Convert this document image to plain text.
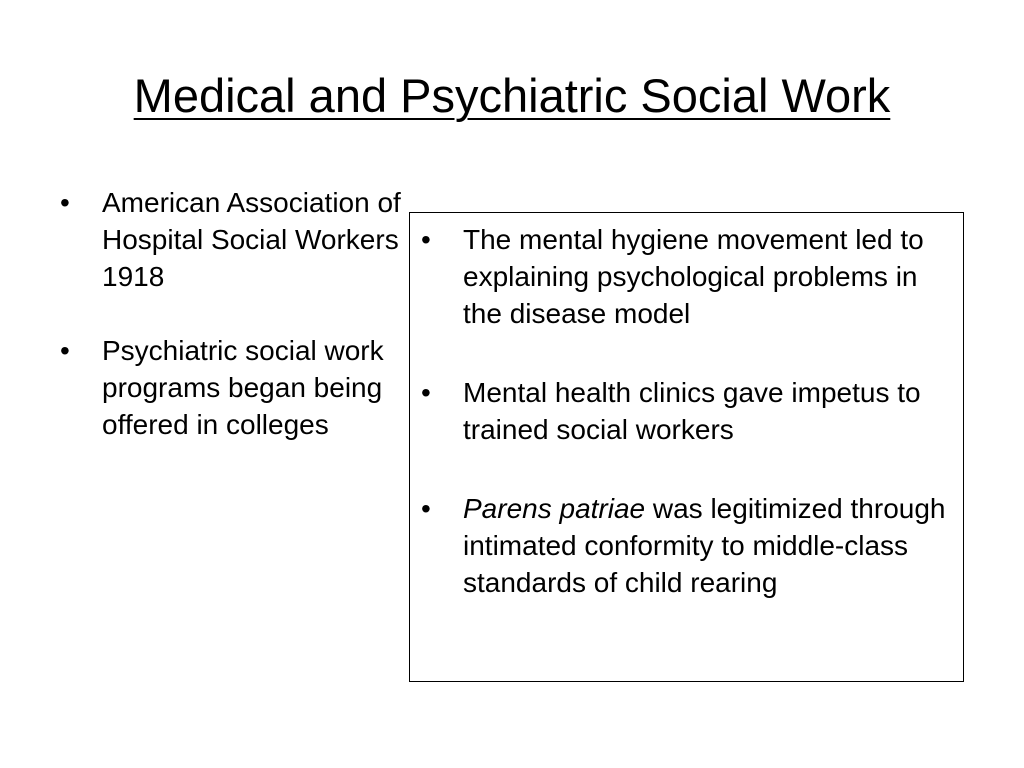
Medical and Psychiatric Social Work
•	American Association of Hospital Social Workers 1918
•	Psychiatric social work programs began being offered in colleges
•	The mental hygiene movement led to explaining psychological problems in the disease model
•	Mental health clinics gave impetus to trained social workers
•	Parens patriae was legitimized through intimated conformity to middle-class standards of child rearing
